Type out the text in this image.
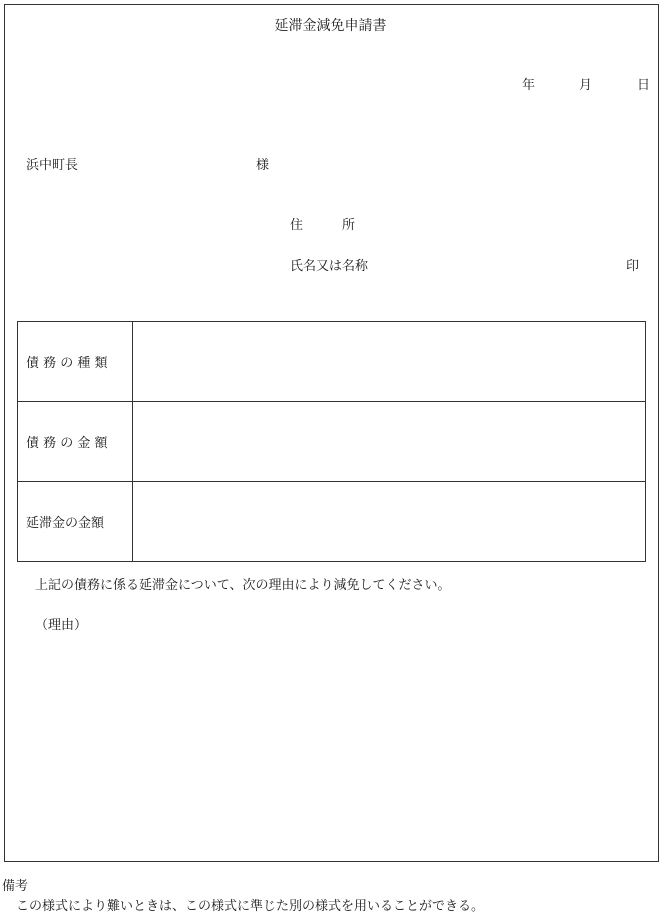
延滞金減免申請書
年	月	日
浜中町長	様
住　　　所
氏名又は名称	印
債 務 の 種 類	
債 務 の 金 額	
延滞金の金額	
上記の債務に係る延滞金について、次の理由により減免してください。
（理由）
備考
この様式により難いときは、この様式に準じた別の様式を用いることができる。
